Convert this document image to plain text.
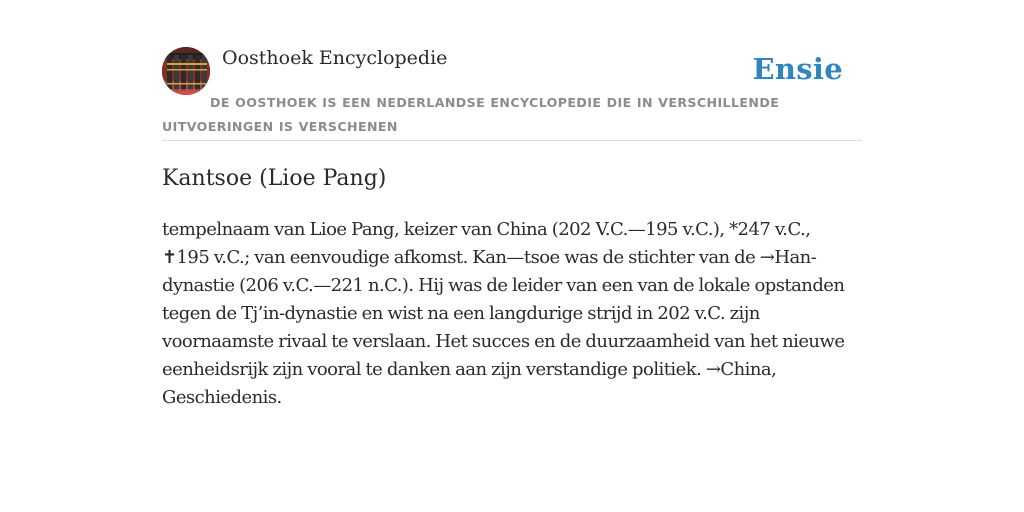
Oosthoek Encyclopedie	Ensie
DE OOSTHOEK IS EEN NEDERLANDSE ENCYCLOPEDIE DIE IN VERSCHILLENDE UITVOERINGEN IS VERSCHENEN
Kantsoe (Lioe Pang)

tempelnaam van Lioe Pang, keizer van China (202 V.C.—195 v.C.), *247 v.C., ✝195 v.C.; van eenvoudige afkomst. Kan—tsoe was de stichter van de →Han-dynastie (206 v.C.—221 n.C.). Hij was de leider van een van de lokale opstanden tegen de Tj’in-dynastie en wist na een langdurige strijd in 202 v.C. zijn voornaamste rivaal te verslaan. Het succes en de duurzaamheid van het nieuwe eenheidsrijk zijn vooral te danken aan zijn verstandige politiek. →China, Geschiedenis.
